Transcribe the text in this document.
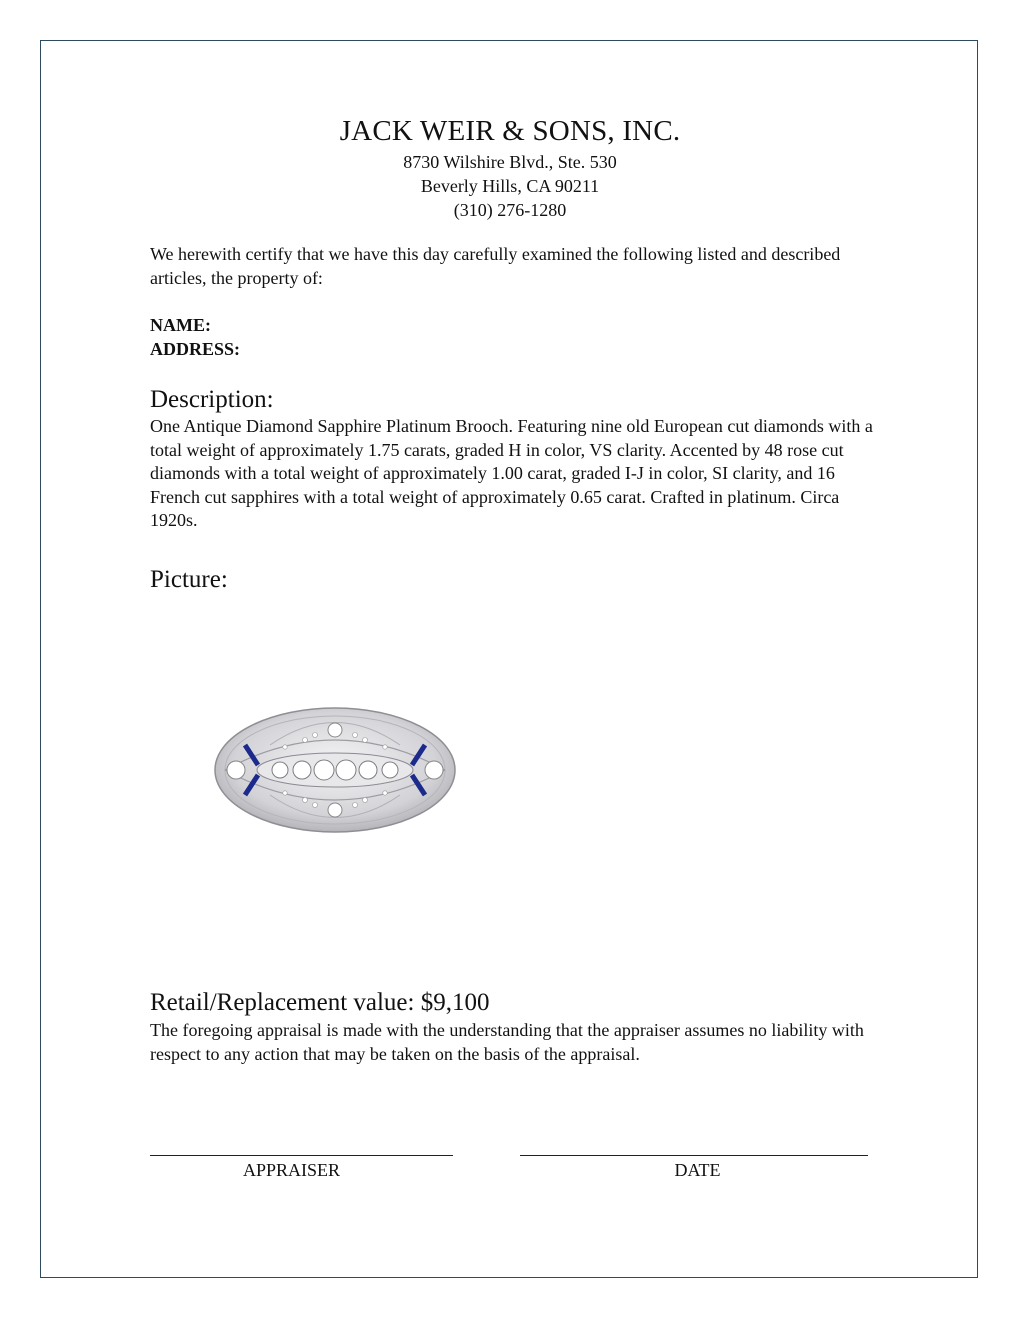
JACK WEIR & SONS, INC.
8730 Wilshire Blvd., Ste. 530
Beverly Hills, CA 90211
(310) 276-1280
We herewith certify that we have this day carefully examined the following listed and described articles, the property of:
NAME:
ADDRESS:
Description:
One Antique Diamond Sapphire Platinum Brooch. Featuring nine old European cut diamonds with a total weight of approximately 1.75 carats, graded H in color, VS clarity. Accented by 48 rose cut diamonds with a total weight of approximately 1.00 carat, graded I-J in color, SI clarity, and 16 French cut sapphires with a total weight of approximately 0.65 carat. Crafted in platinum. Circa 1920s.
Picture:
Retail/Replacement value: $9,100
The foregoing appraisal is made with the understanding that the appraiser assumes no liability with respect to any action that may be taken on the basis of the appraisal.
APPRAISER	DATE
